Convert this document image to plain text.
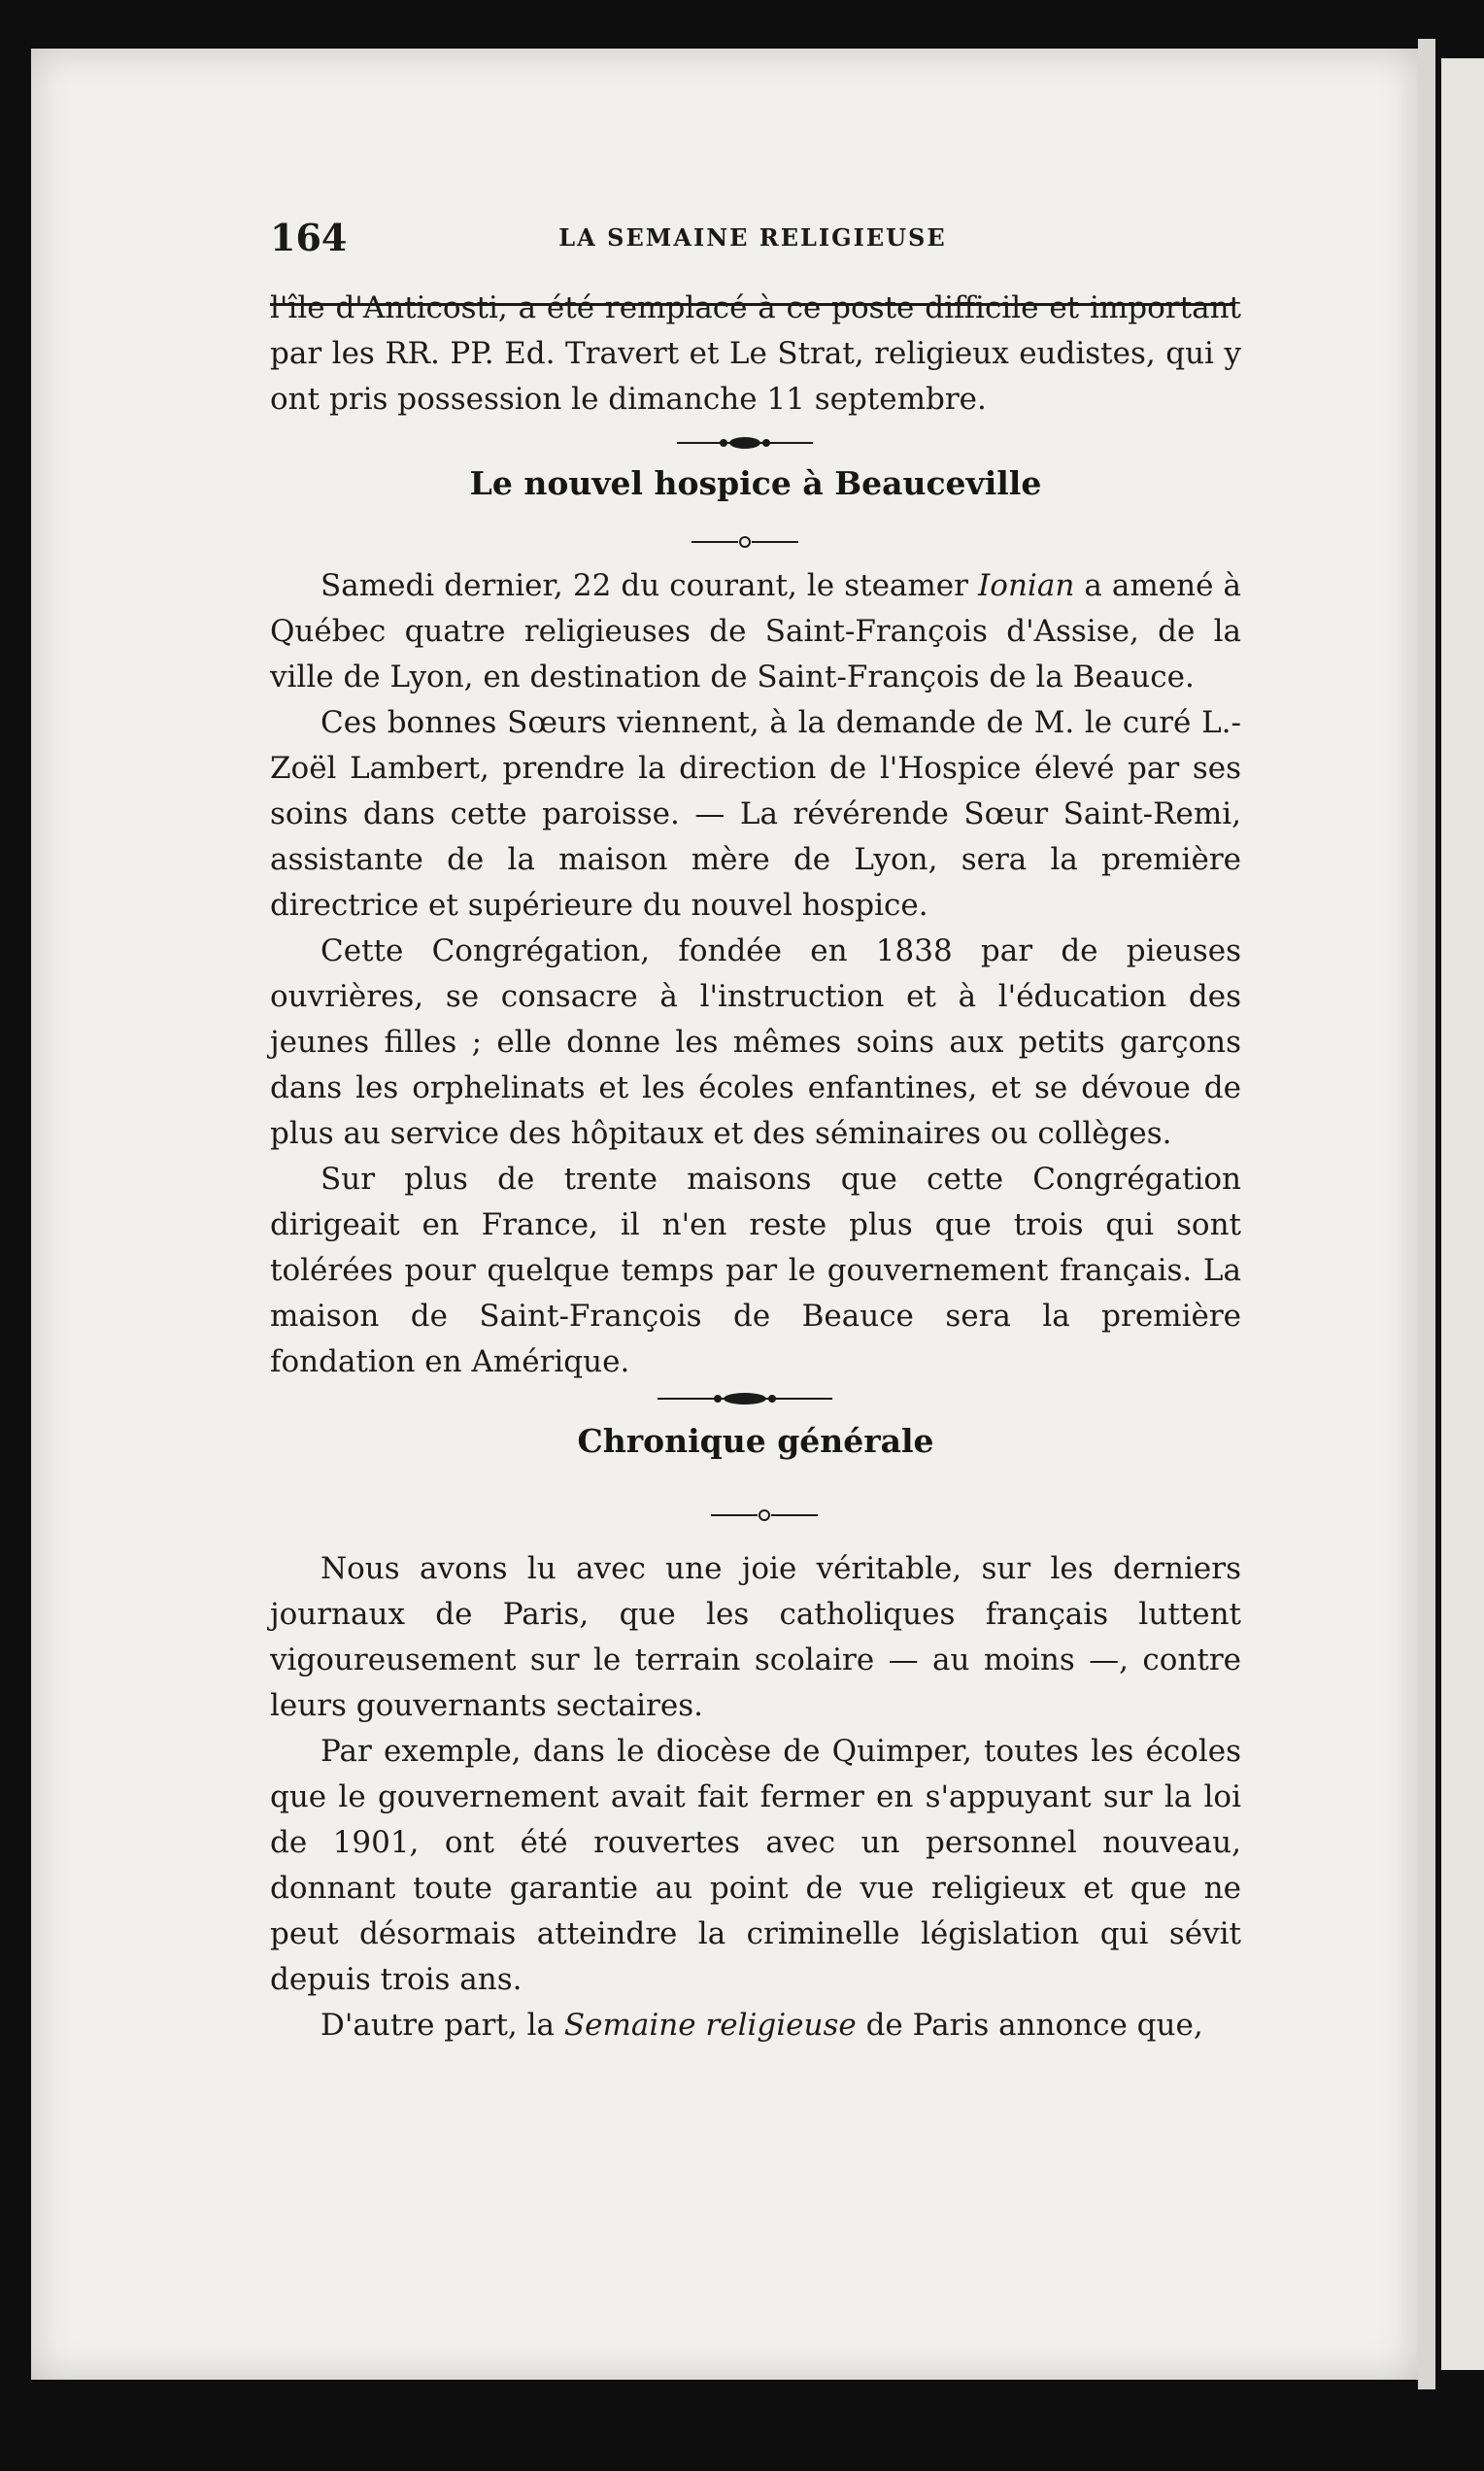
164	LA SEMAINE RELIGIEUSE

l'île d'Anticosti, a été remplacé à ce poste difficile et important par les RR. PP. Ed. Travert et Le Strat, religieux eudistes, qui y ont pris possession le dimanche 11 septembre.

Le nouvel hospice à Beauceville

Samedi dernier, 22 du courant, le steamer Ionian a amené à Québec quatre religieuses de Saint-François d'Assise, de la ville de Lyon, en destination de Saint-François de la Beauce.

Ces bonnes Sœurs viennent, à la demande de M. le curé L.-Zoël Lambert, prendre la direction de l'Hospice élevé par ses soins dans cette paroisse. — La révérende Sœur Saint-Remi, assistante de la maison mère de Lyon, sera la première directrice et supérieure du nouvel hospice.

Cette Congrégation, fondée en 1838 par de pieuses ouvrières, se consacre à l'instruction et à l'éducation des jeunes filles ; elle donne les mêmes soins aux petits garçons dans les orphelinats et les écoles enfantines, et se dévoue de plus au service des hôpitaux et des séminaires ou collèges.

Sur plus de trente maisons que cette Congrégation dirigeait en France, il n'en reste plus que trois qui sont tolérées pour quelque temps par le gouvernement français. La maison de Saint-François de Beauce sera la première fondation en Amérique.

Chronique générale

Nous avons lu avec une joie véritable, sur les derniers journaux de Paris, que les catholiques français luttent vigoureusement sur le terrain scolaire — au moins —, contre leurs gouvernants sectaires.

Par exemple, dans le diocèse de Quimper, toutes les écoles que le gouvernement avait fait fermer en s'appuyant sur la loi de 1901, ont été rouvertes avec un personnel nouveau, donnant toute garantie au point de vue religieux et que ne peut désormais atteindre la criminelle législation qui sévit depuis trois ans.

D'autre part, la Semaine religieuse de Paris annonce que,
